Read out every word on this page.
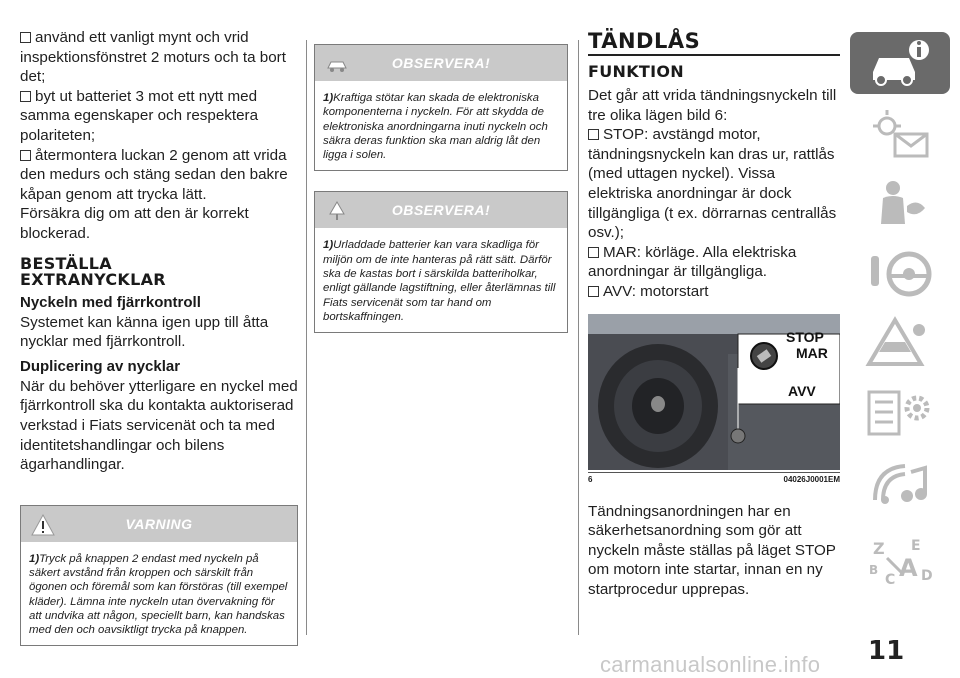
använd ett vanligt mynt och vrid inspektionsfönstret 2 moturs och ta bort det;

byt ut batteriet 3 mot ett nytt med samma egenskaper och respektera polariteten;

återmontera luckan 2 genom att vrida den medurs och stäng sedan den bakre kåpan genom att trycka lätt.

Försäkra dig om att den är korrekt blockerad.

BESTÄLLA EXTRANYCKLAR
Nyckeln med fjärrkontroll

Systemet kan känna igen upp till åtta nycklar med fjärrkontroll.

Duplicering av nycklar

När du behöver ytterligare en nyckel med fjärrkontroll ska du kontakta auktoriserad verkstad i Fiats servicenät och ta med identitetshandlingar och bilens ägarhandlingar.

VARNING
1)Tryck på knappen 2 endast med nyckeln på säkert avstånd från kroppen och särskilt från ögonen och föremål som kan förstöras (till exempel kläder). Lämna inte nyckeln utan övervakning för att undvika att någon, speciellt barn, kan handskas med den och oavsiktligt trycka på knappen.
OBSERVERA!
1)Kraftiga stötar kan skada de elektroniska komponenterna i nyckeln. För att skydda de elektroniska anordningarna inuti nyckeln och säkra deras funktion ska man aldrig låt den ligga i solen.
OBSERVERA!
1)Urladdade batterier kan vara skadliga för miljön om de inte hanteras på rätt sätt. Därför ska de kastas bort i särskilda batteriholkar, enligt gällande lagstiftning, eller återlämnas till Fiats servicenät som tar hand om bortskaffningen.
TÄNDLÅS
FUNKTION

Det går att vrida tändningsnyckeln till tre olika lägen bild 6:

STOP: avstängd motor, tändningsnyckeln kan dras ur, rattlås (med uttagen nyckel). Vissa elektriska anordningar är dock tillgängliga (t ex. dörrarnas centrallås osv.);

MAR: körläge. Alla elektriska anordningar är tillgängliga.

AVV: motorstart

STOP
MAR
AVV
6	04026J0001EM

Tändningsanordningen har en säkerhetsanordning som gör att nyckeln måste ställas på läget STOP om motorn inte startar, innan en ny startprocedur upprepas.

Z E
B A
C D
11
carmanualsonline.info
